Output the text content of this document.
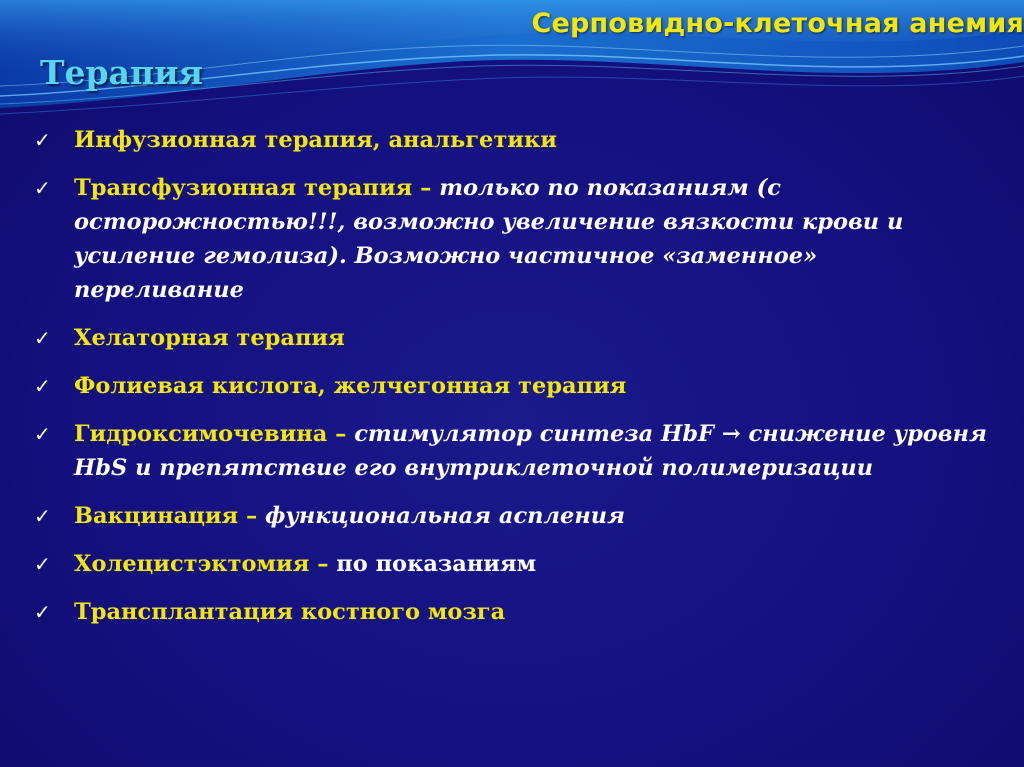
Серповидно-клеточная анемия
Терапия
✓ Инфузионная терапия, анальгетики
✓ Трансфузионная терапия – только по показаниям (с осторожностью!!!, возможно увеличение вязкости крови и усиление гемолиза). Возможно частичное «заменное» переливание
✓ Хелаторная терапия
✓ Фолиевая кислота, желчегонная терапия
✓ Гидроксимочевина – стимулятор синтеза HbF → снижение уровня HbS и препятствие его внутриклеточной полимеризации
✓ Вакцинация – функциональная аспления
✓ Холецистэктомия – по показаниям
✓ Трансплантация костного мозга
